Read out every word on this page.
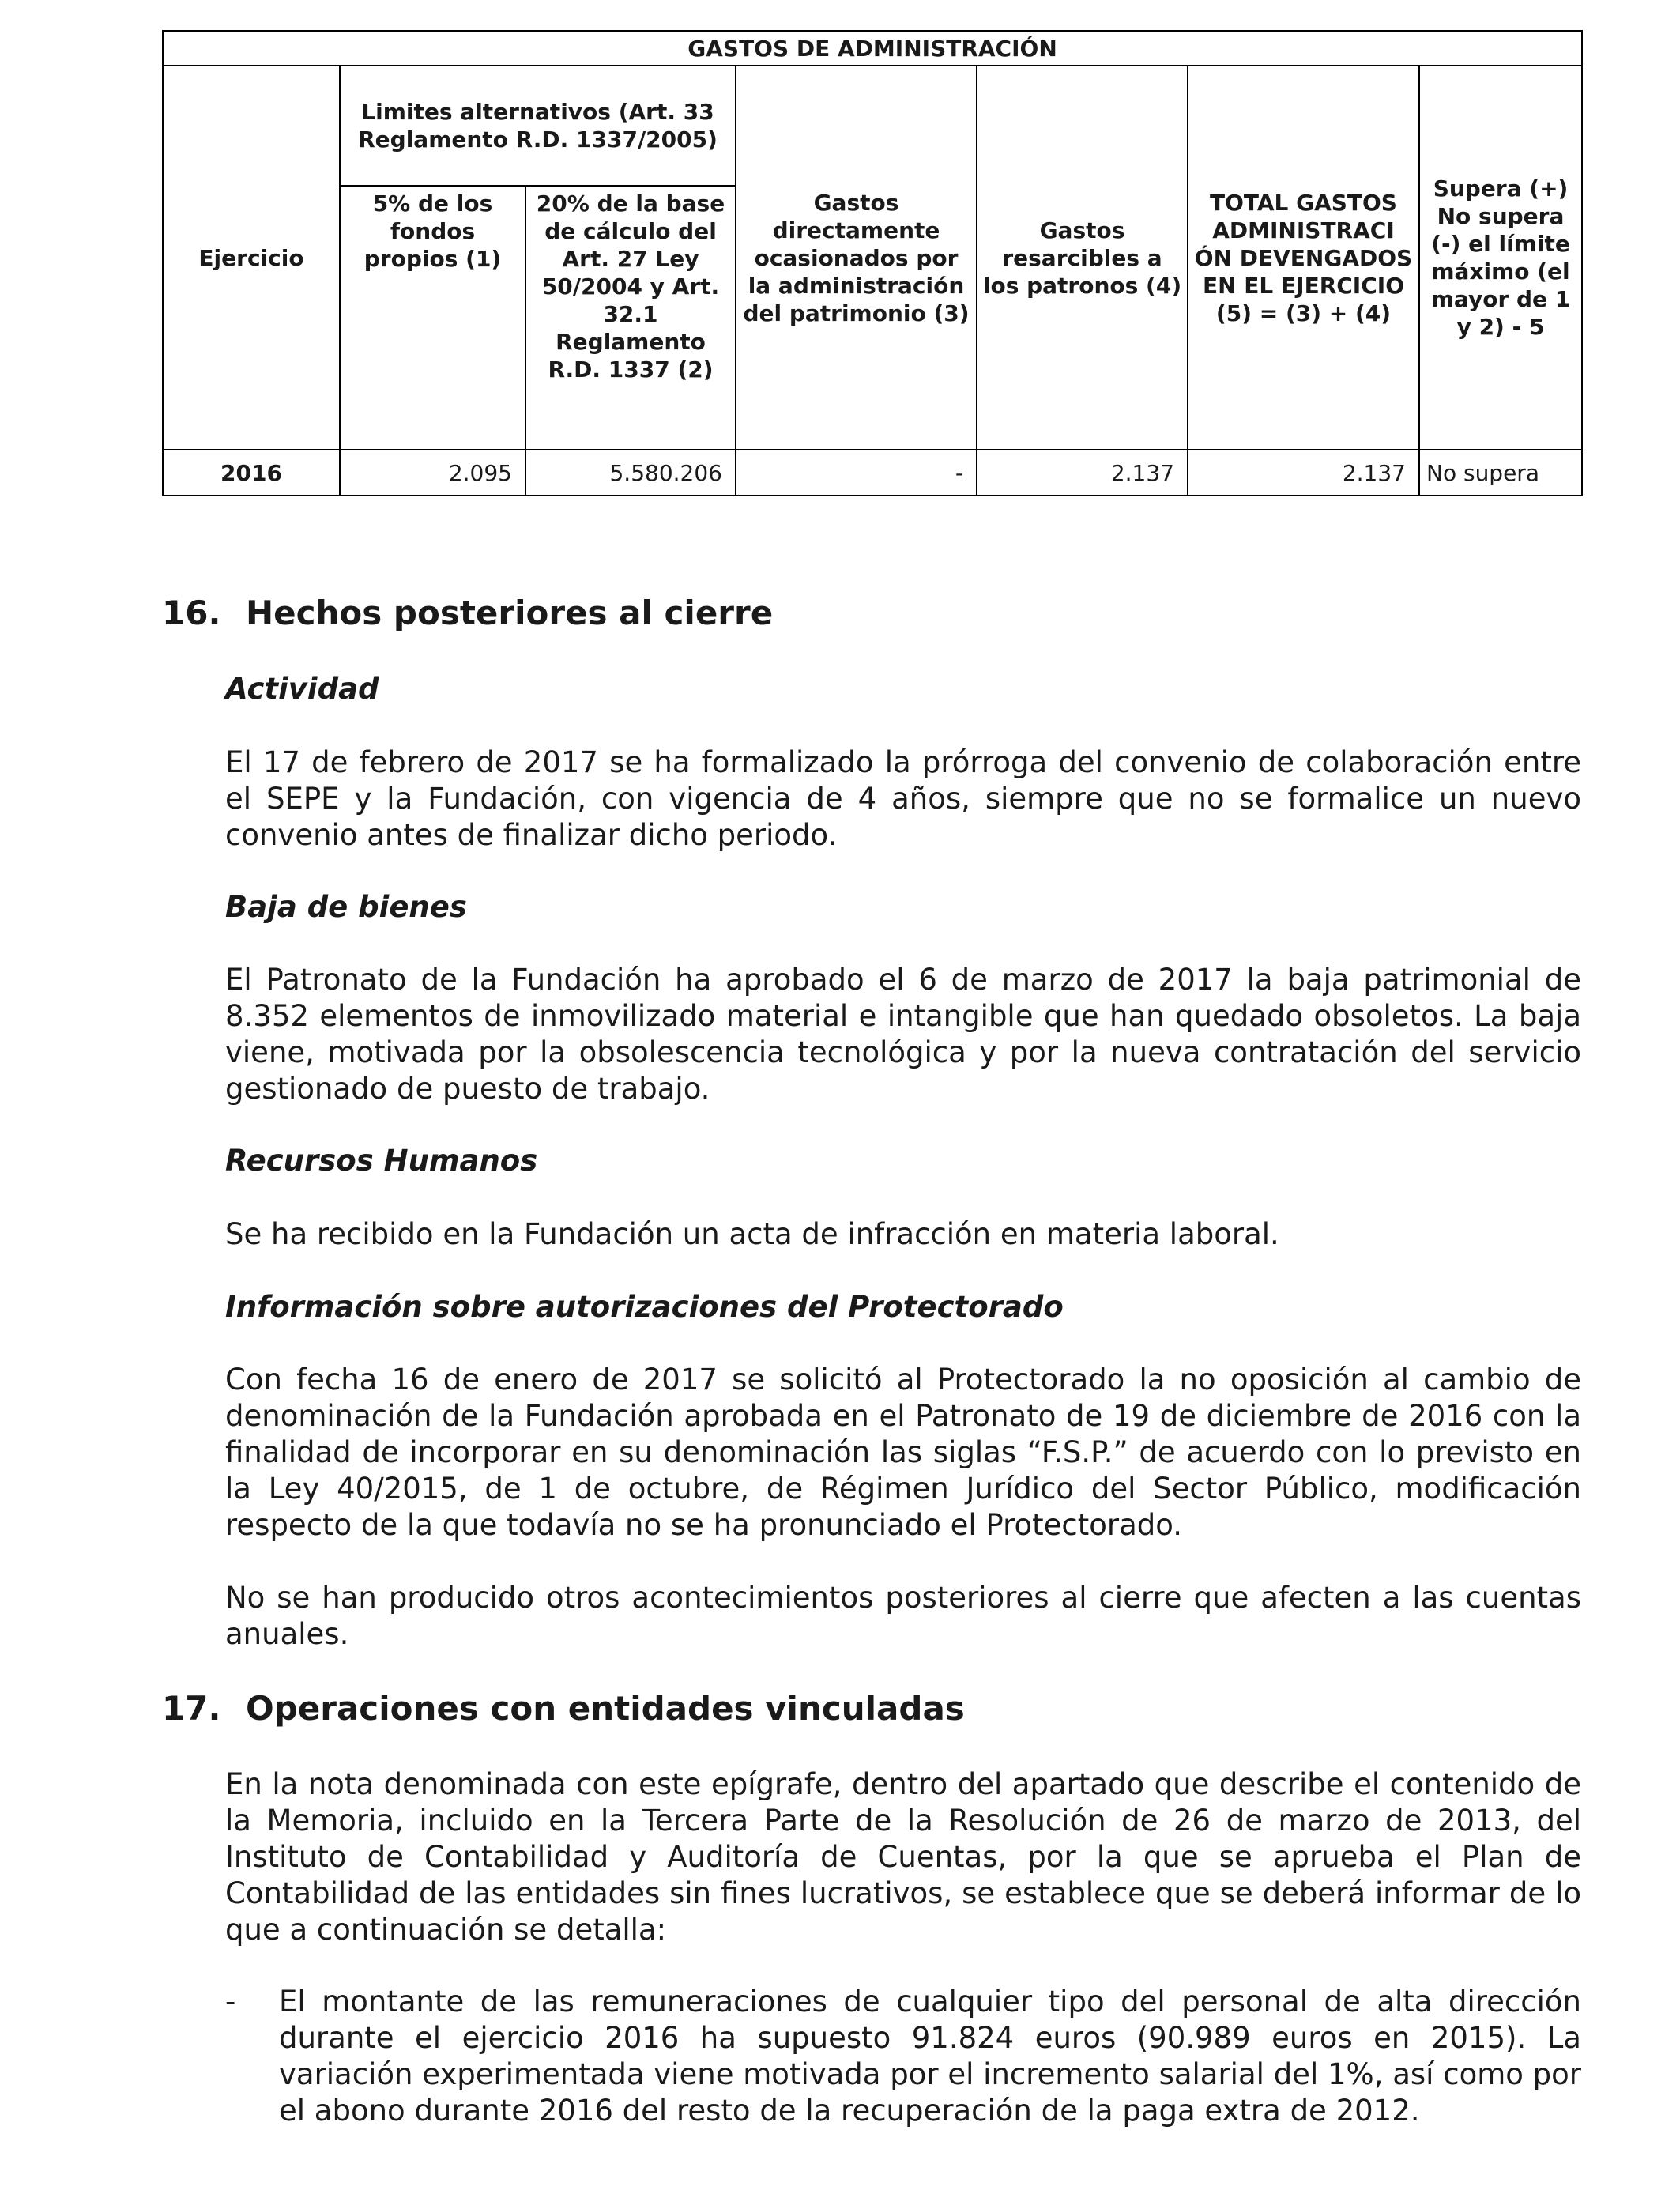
GASTOS DE ADMINISTRACIÓN						
Ejercicio	Limites alternativos (Art. 33 Reglamento R.D. 1337/2005)		Gastos directamente ocasionados por la administración del patrimonio (3)	Gastos resarcibles a los patronos (4)	TOTAL GASTOS ADMINISTRACI ÓN DEVENGADOS EN EL EJERCICIO (5) = (3) + (4)	Supera (+) No supera (-) el límite máximo (el mayor de 1 y 2) - 5
	5% de los fondos propios (1)	20% de la base de cálculo del Art. 27 Ley 50/2004 y Art. 32.1 Reglamento R.D. 1337 (2)				
2016	2.095	5.580.206	-	2.137	2.137	No supera
16. Hechos posteriores al cierre
Actividad

El 17 de febrero de 2017 se ha formalizado la prórroga del convenio de colaboración entre el SEPE y la Fundación, con vigencia de 4 años, siempre que no se formalice un nuevo convenio antes de finalizar dicho periodo.

Baja de bienes

El Patronato de la Fundación ha aprobado el 6 de marzo de 2017 la baja patrimonial de 8.352 elementos de inmovilizado material e intangible que han quedado obsoletos. La baja viene, motivada por la obsolescencia tecnológica y por la nueva contratación del servicio gestionado de puesto de trabajo.

Recursos Humanos

Se ha recibido en la Fundación un acta de infracción en materia laboral.

Información sobre autorizaciones del Protectorado

Con fecha 16 de enero de 2017 se solicitó al Protectorado la no oposición al cambio de denominación de la Fundación aprobada en el Patronato de 19 de diciembre de 2016 con la finalidad de incorporar en su denominación las siglas “F.S.P.” de acuerdo con lo previsto en la Ley 40/2015, de 1 de octubre, de Régimen Jurídico del Sector Público, modificación respecto de la que todavía no se ha pronunciado el Protectorado.

No se han producido otros acontecimientos posteriores al cierre que afecten a las cuentas anuales.

17. Operaciones con entidades vinculadas

En la nota denominada con este epígrafe, dentro del apartado que describe el contenido de la Memoria, incluido en la Tercera Parte de la Resolución de 26 de marzo de 2013, del Instituto de Contabilidad y Auditoría de Cuentas, por la que se aprueba el Plan de Contabilidad de las entidades sin fines lucrativos, se establece que se deberá informar de lo que a continuación se detalla:

- El montante de las remuneraciones de cualquier tipo del personal de alta dirección durante el ejercicio 2016 ha supuesto 91.824 euros (90.989 euros en 2015). La variación experimentada viene motivada por el incremento salarial del 1%, así como por el abono durante 2016 del resto de la recuperación de la paga extra de 2012.
